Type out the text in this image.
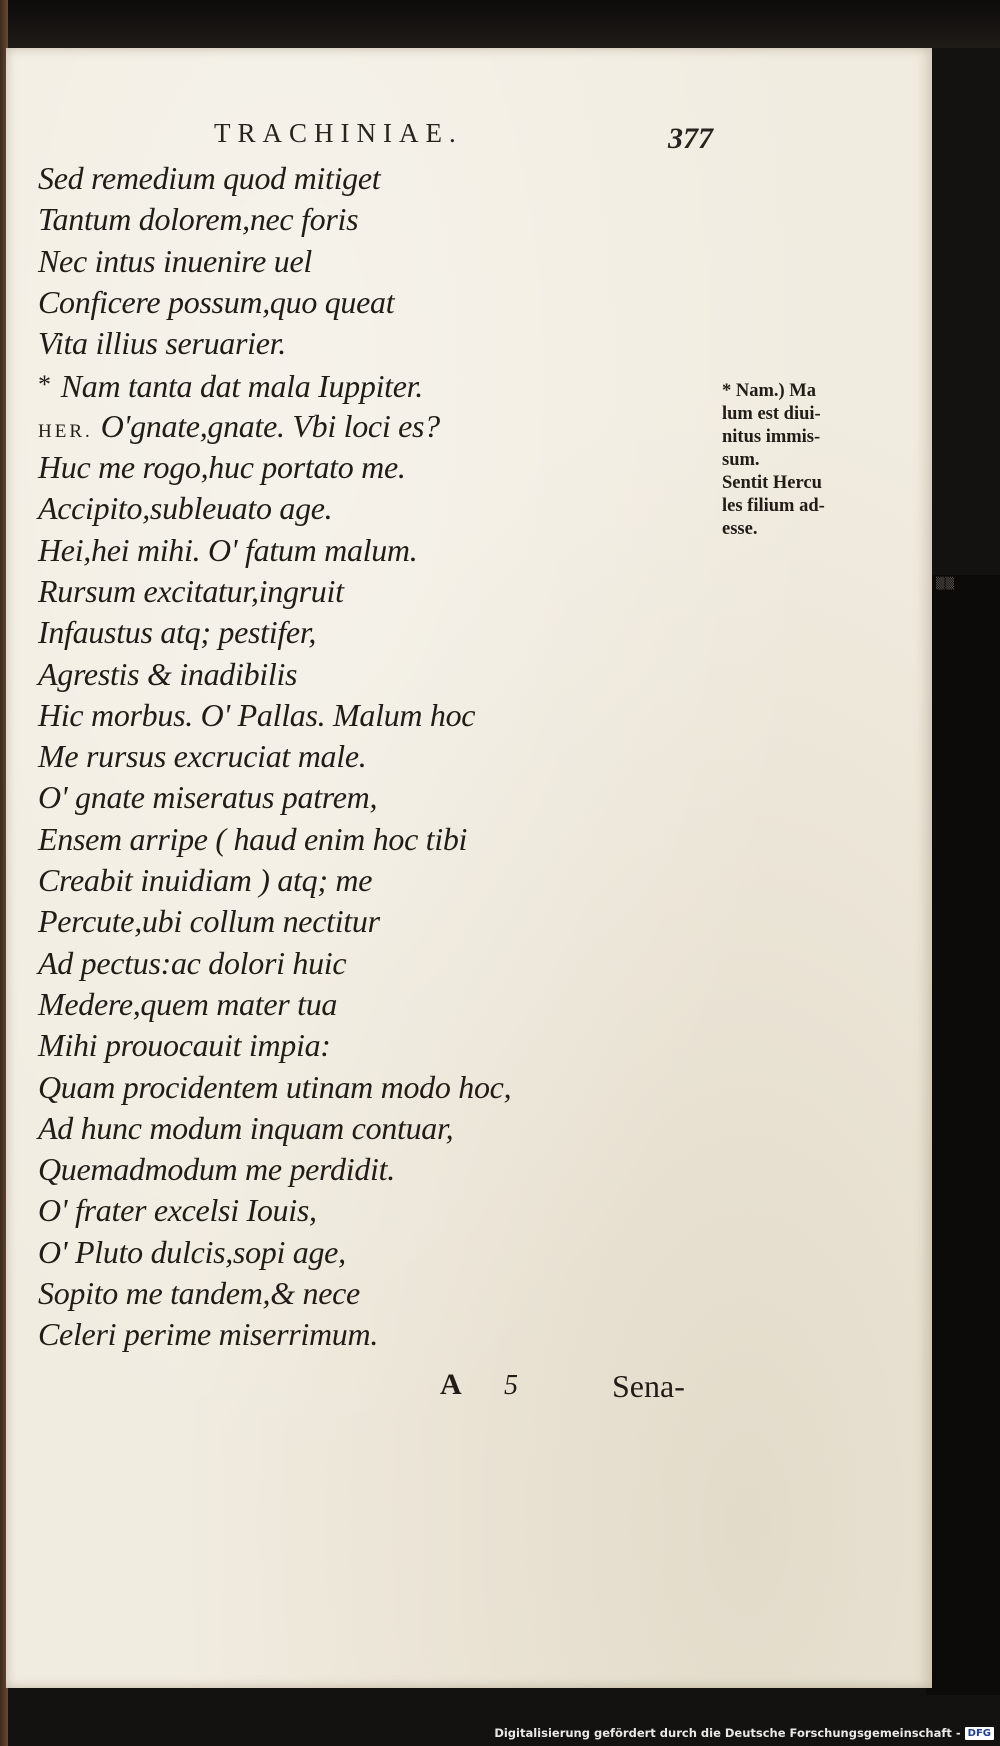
▒▒
TRACHINIAE.	377
Sed remedium quod mitiget
Tantum dolorem,nec foris
Nec intus inuenire uel
Conficere possum,quo queat
Vita illius seruarier.
* Nam tanta dat mala Iuppiter.
HER. O'gnate,gnate. Vbi loci es?
Huc me rogo,huc portato me.
Accipito,subleuato age.
Hei,hei mihi. O' fatum malum.
Rursum excitatur,ingruit
Infaustus atq; pestifer,
Agrestis & inadibilis
Hic morbus. O' Pallas. Malum hoc
Me rursus excruciat male.
O' gnate miseratus patrem,
Ensem arripe ( haud enim hoc tibi
Creabit inuidiam ) atq; me
Percute,ubi collum nectitur
Ad pectus:ac dolori huic
Medere,quem mater tua
Mihi prouocauit impia:
Quam procidentem utinam modo hoc,
Ad hunc modum inquam contuar,
Quemadmodum me perdidit.
O' frater excelsi Iouis,
O' Pluto dulcis,sopi age,
Sopito me tandem,& nece
Celeri perime miserrimum.
* Nam.) Ma
lum est diui-
nitus immis-
sum.
Sentit Hercu
les filium ad-
esse.
A 5	Sena-
Digitalisierung gefördert durch die Deutsche Forschungsgemeinschaft - DFG
